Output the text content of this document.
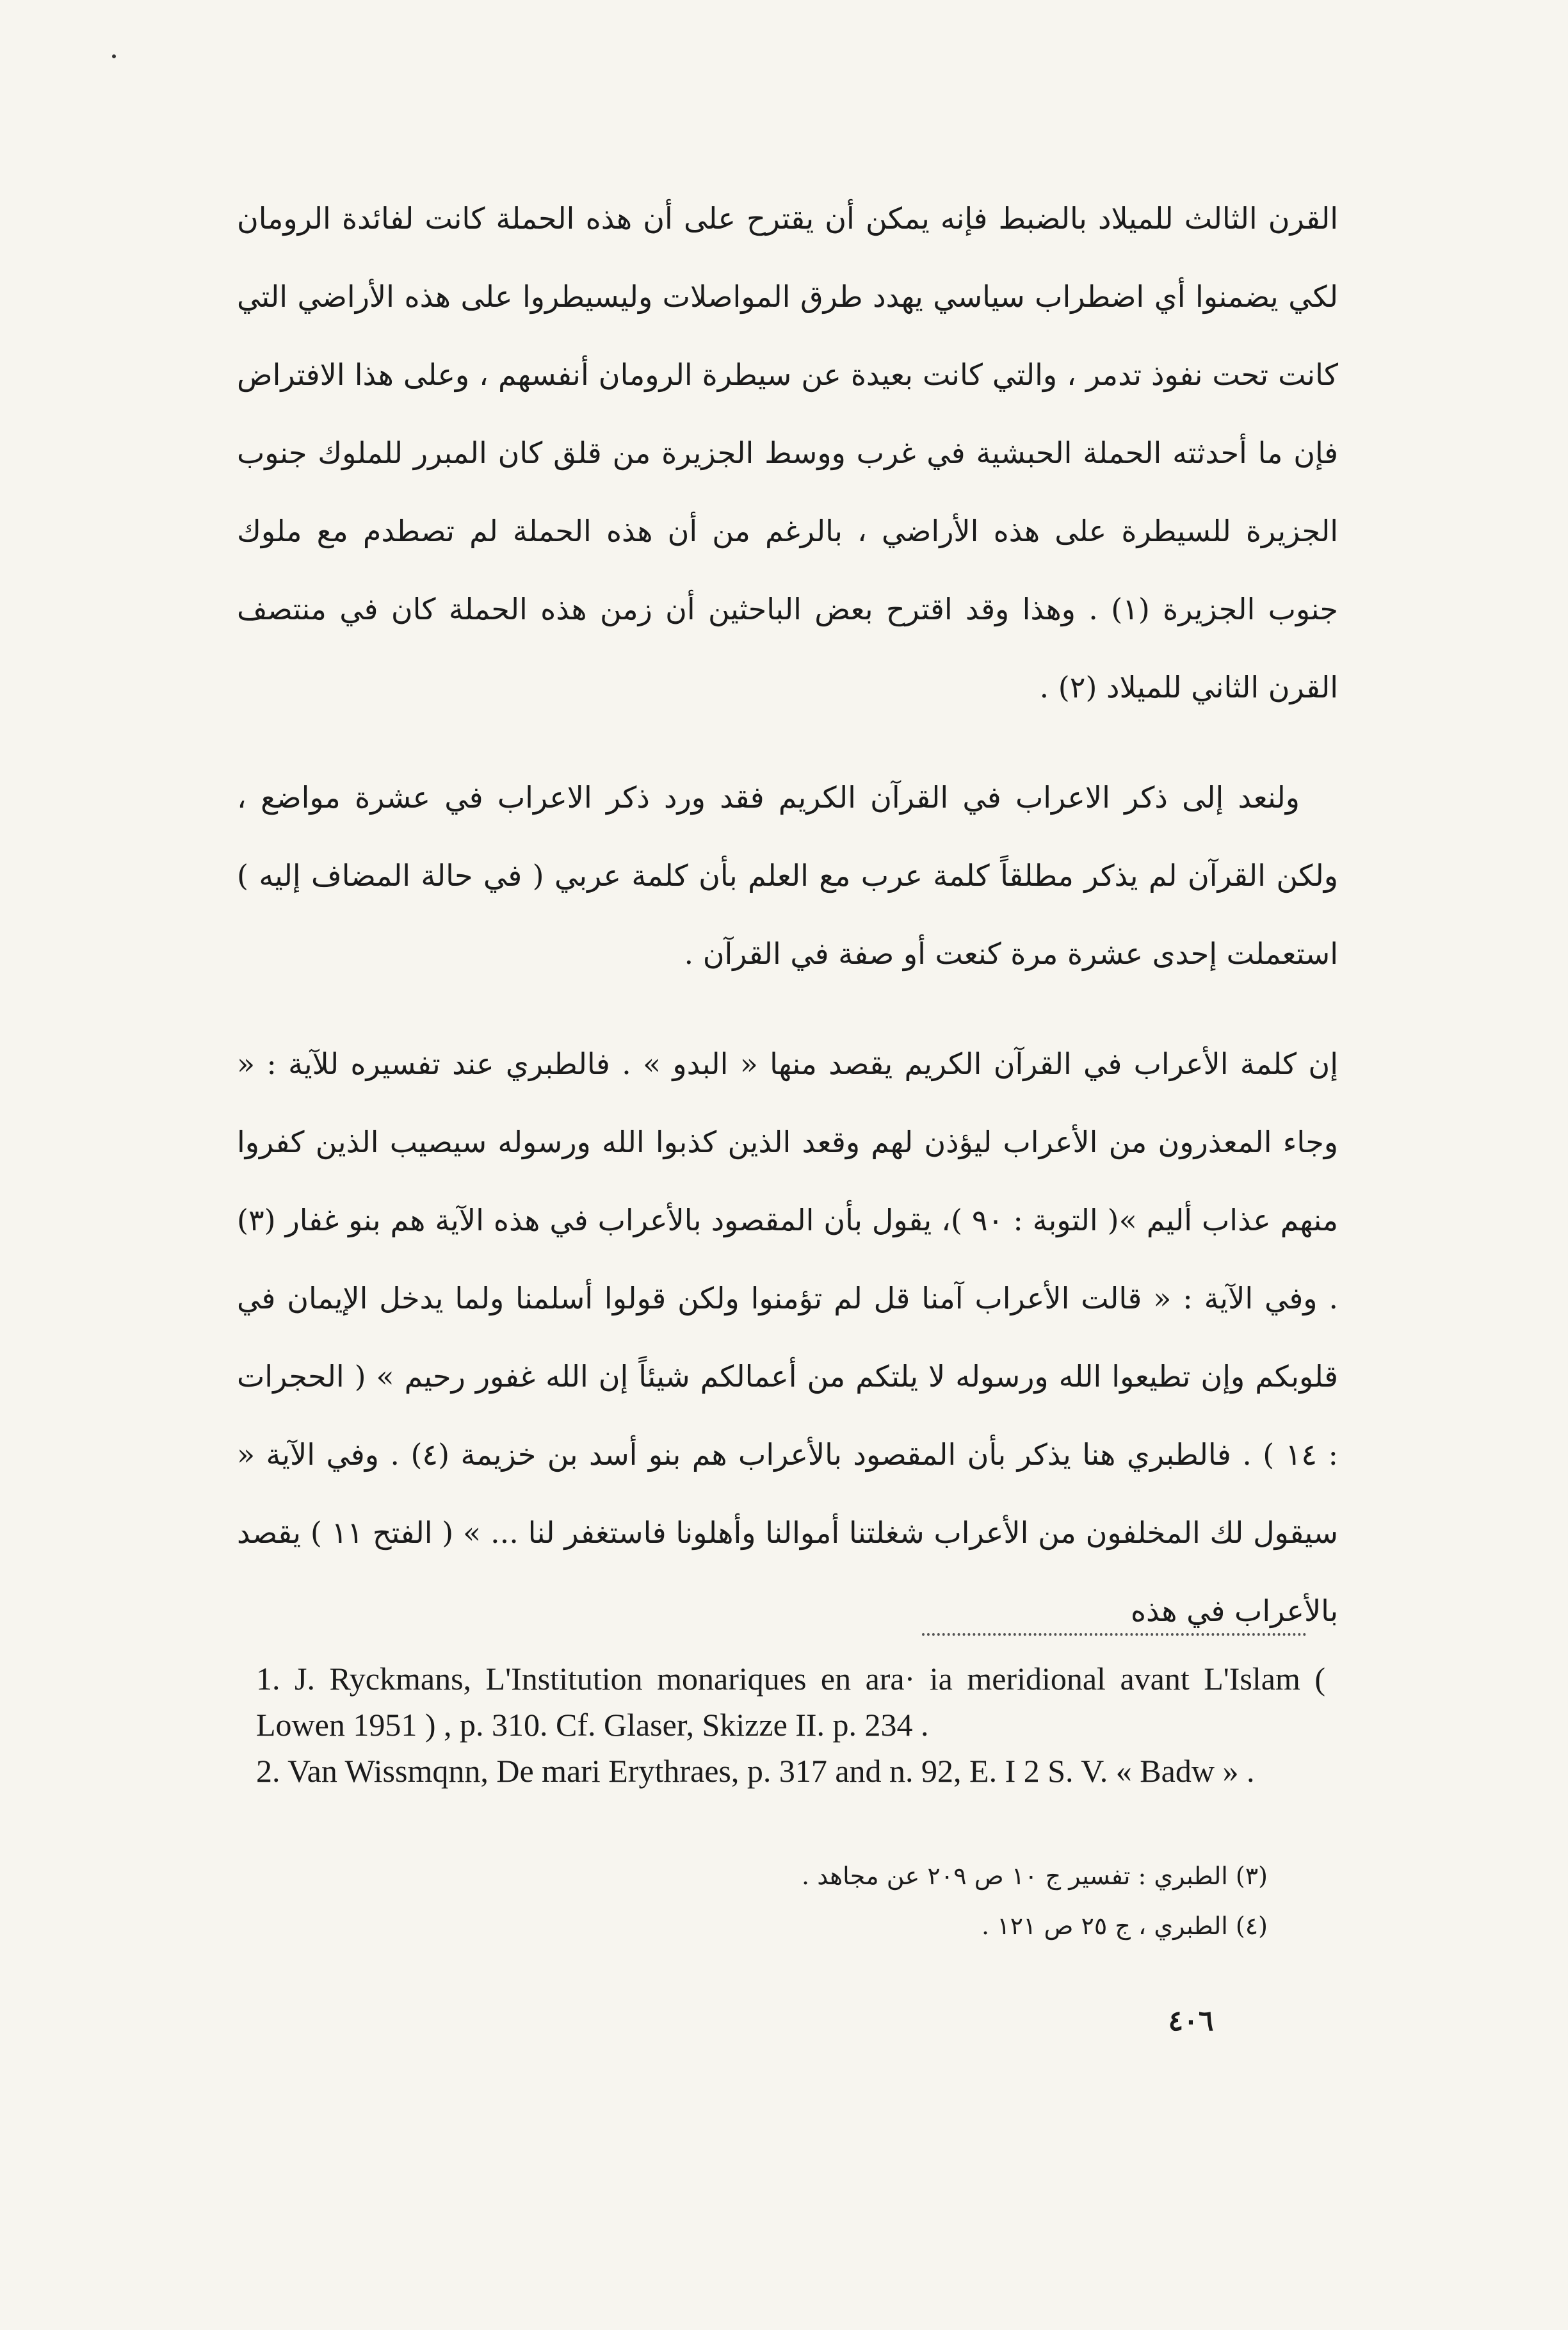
القرن الثالث للميلاد بالضبط فإنه يمكن أن يقترح على أن هذه الحملة كانت لفائدة الرومان لكي يضمنوا أي اضطراب سياسي يهدد طرق المواصلات وليسيطروا على هذه الأراضي التي كانت تحت نفوذ تدمر ، والتي كانت بعيدة عن سيطرة الرومان أنفسهم ، وعلى هذا الافتراض فإن ما أحدثته الحملة الحبشية في غرب ووسط الجزيرة من قلق كان المبرر للملوك جنوب الجزيرة للسيطرة على هذه الأراضي ، بالرغم من أن هذه الحملة لم تصطدم مع ملوك جنوب الجزيرة (١) . وهذا وقد اقترح بعض الباحثين أن زمن هذه الحملة كان في منتصف القرن الثاني للميلاد (٢) .

ولنعد إلى ذكر الاعراب في القرآن الكريم فقد ورد ذكر الاعراب في عشرة مواضع ، ولكن القرآن لم يذكر مطلقاً كلمة عرب مع العلم بأن كلمة عربي ( في حالة المضاف إليه ) استعملت إحدى عشرة مرة كنعت أو صفة في القرآن .

إن كلمة الأعراب في القرآن الكريم يقصد منها « البدو » . فالطبري عند تفسيره للآية : « وجاء المعذرون من الأعراب ليؤذن لهم وقعد الذين كذبوا الله ورسوله سيصيب الذين كفروا منهم عذاب أليم »( التوبة : ٩٠ )، يقول بأن المقصود بالأعراب في هذه الآية هم بنو غفار (٣) . وفي الآية : « قالت الأعراب آمنا قل لم تؤمنوا ولكن قولوا أسلمنا ولما يدخل الإيمان في قلوبكم وإن تطيعوا الله ورسوله لا يلتكم من أعمالكم شيئاً إن الله غفور رحيم » ( الحجرات : ١٤ ) . فالطبري هنا يذكر بأن المقصود بالأعراب هم بنو أسد بن خزيمة (٤) . وفي الآية « سيقول لك المخلفون من الأعراب شغلتنا أموالنا وأهلونا فاستغفر لنا ... » ( الفتح ١١ ) يقصد بالأعراب في هذه

1. J. Ryckmans, L'Institution monariques en ara· ia meridional avant L'Islam ( Lowen 1951 ) , p. 310. Cf. Glaser, Skizze II. p. 234 .

2. Van Wissmqnn, De mari Erythraes, p. 317 and n. 92, E. I 2 S. V. « Badw » .

(٣) الطبري : تفسير ج ١٠ ص ٢٠٩ عن مجاهد .

(٤) الطبري ، ج ٢٥ ص ١٢١ .

٤٠٦
